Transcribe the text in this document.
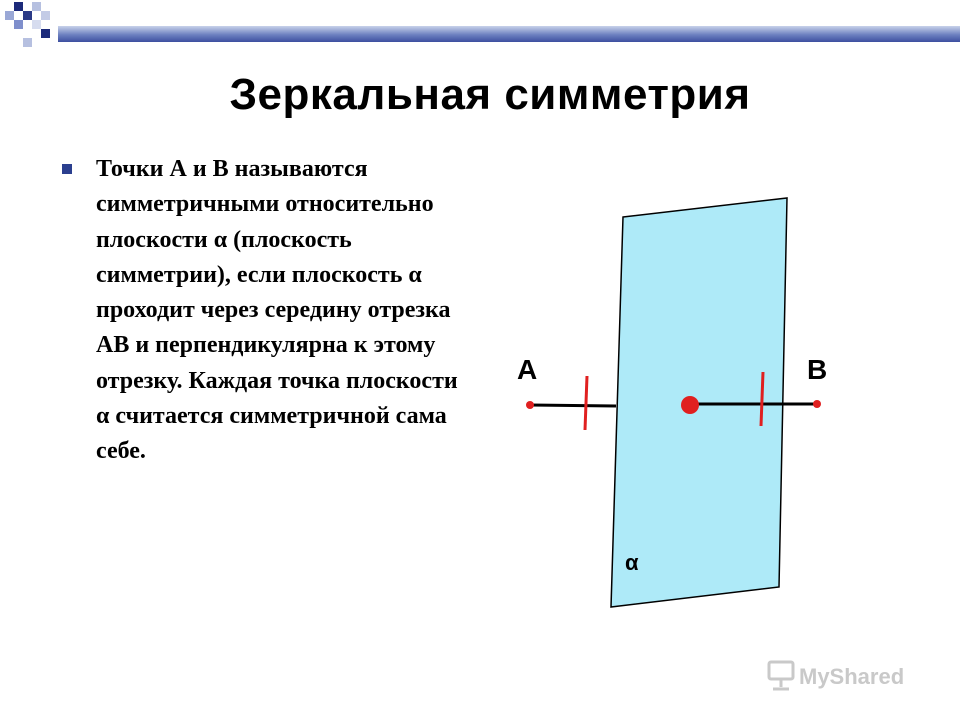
Зеркальная симметрия

Точки А и В называются симметричными относительно плоскости α (плоскость симметрии), если плоскость α проходит через середину отрезка АВ и перпендикулярна к этому отрезку. Каждая точка плоскости α считается симметричной сама себе.

А	В
α
MyShared
